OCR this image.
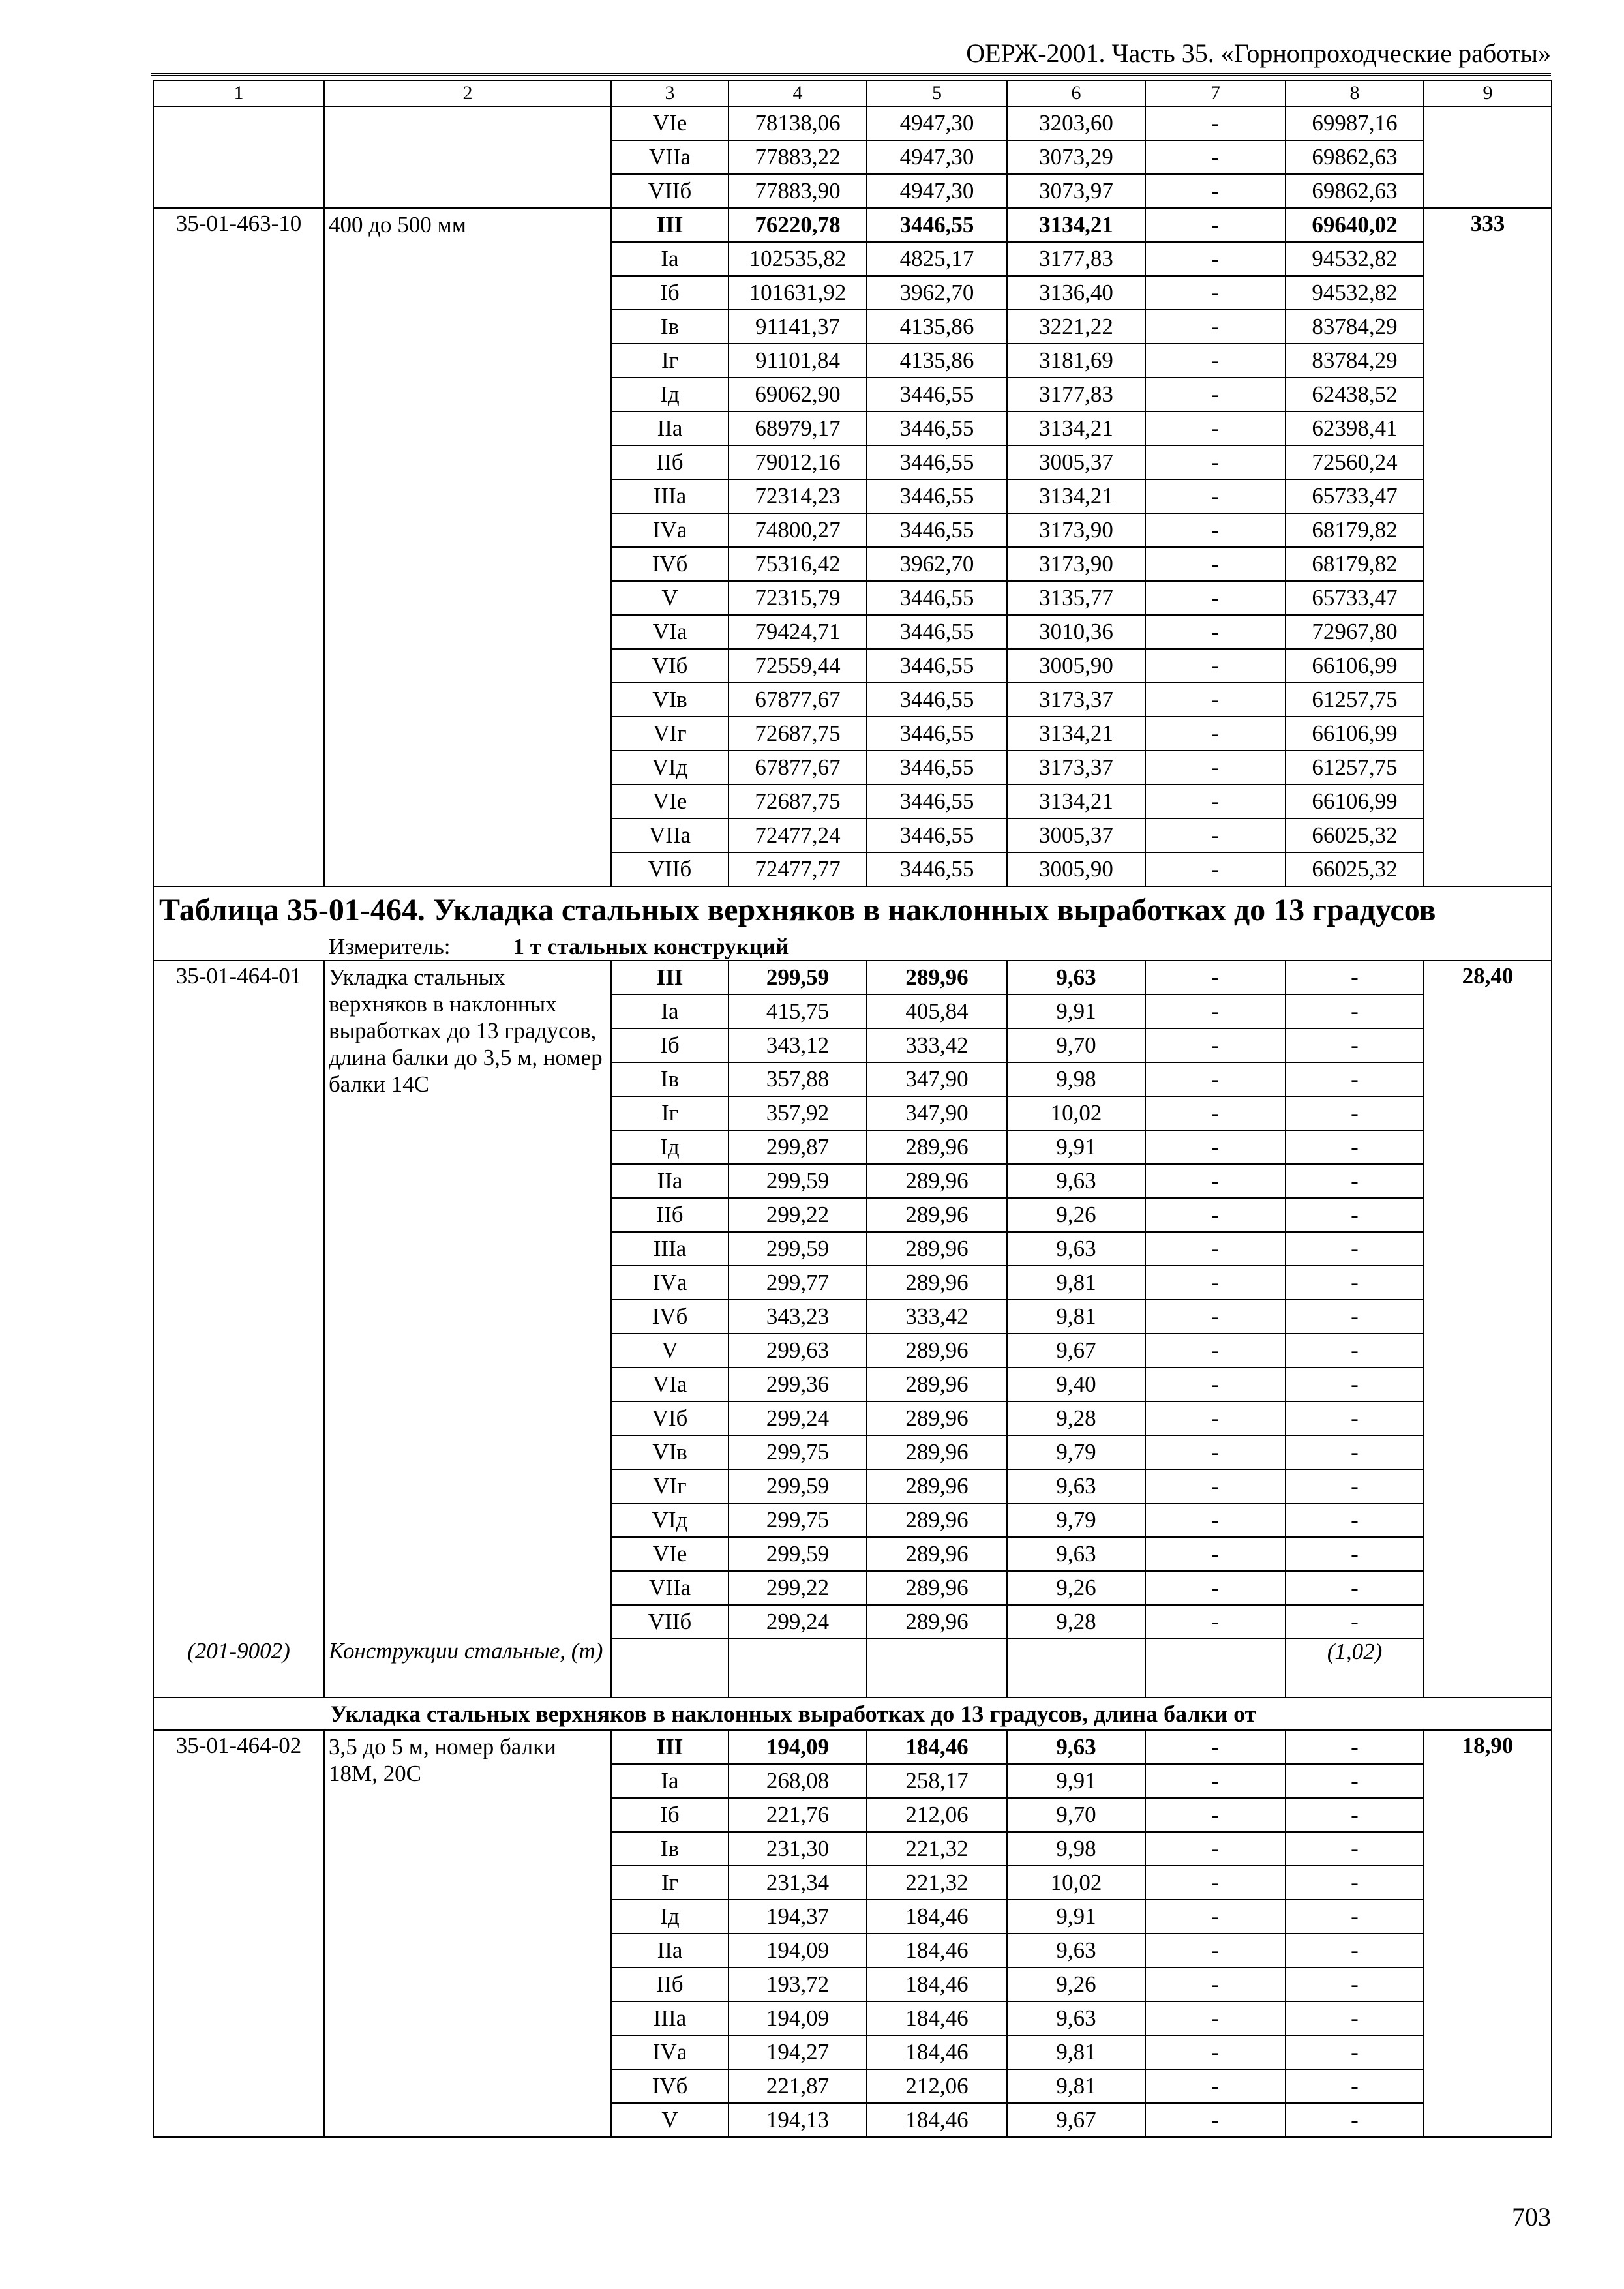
ОЕРЖ-2001. Часть 35. «Горнопроходческие работы»
1	2	3	4	5	6	7	8	9
		VIе	78138,06	4947,30	3203,60	-	69987,16	
		VIIа	77883,22	4947,30	3073,29	-	69862,63	
		VIIб	77883,90	4947,30	3073,97	-	69862,63	
35-01-463-10	400 до 500 мм	III	76220,78	3446,55	3134,21	-	69640,02	333
		Iа	102535,82	4825,17	3177,83	-	94532,82	
		Iб	101631,92	3962,70	3136,40	-	94532,82	
		Iв	91141,37	4135,86	3221,22	-	83784,29	
		Iг	91101,84	4135,86	3181,69	-	83784,29	
		Iд	69062,90	3446,55	3177,83	-	62438,52	
		IIа	68979,17	3446,55	3134,21	-	62398,41	
		IIб	79012,16	3446,55	3005,37	-	72560,24	
		IIIа	72314,23	3446,55	3134,21	-	65733,47	
		IVа	74800,27	3446,55	3173,90	-	68179,82	
		IVб	75316,42	3962,70	3173,90	-	68179,82	
		V	72315,79	3446,55	3135,77	-	65733,47	
		VIа	79424,71	3446,55	3010,36	-	72967,80	
		VIб	72559,44	3446,55	3005,90	-	66106,99	
		VIв	67877,67	3446,55	3173,37	-	61257,75	
		VIг	72687,75	3446,55	3134,21	-	66106,99	
		VIд	67877,67	3446,55	3173,37	-	61257,75	
		VIе	72687,75	3446,55	3134,21	-	66106,99	
		VIIа	72477,24	3446,55	3005,37	-	66025,32	
		VIIб	72477,77	3446,55	3005,90	-	66025,32	
Таблица 35-01-464. Укладка стальных верхняков в наклонных выработках до 13 градусов								
Измеритель: 1 т стальных конструкций								
35-01-464-01	Укладка стальных верхняков в наклонных выработках до 13 градусов, длина балки до 3,5 м, номер балки 14С	III	299,59	289,96	9,63	-	-	28,40
		Iа	415,75	405,84	9,91	-	-	
		Iб	343,12	333,42	9,70	-	-	
		Iв	357,88	347,90	9,98	-	-	
		Iг	357,92	347,90	10,02	-	-	
		Iд	299,87	289,96	9,91	-	-	
		IIа	299,59	289,96	9,63	-	-	
		IIб	299,22	289,96	9,26	-	-	
		IIIа	299,59	289,96	9,63	-	-	
		IVа	299,77	289,96	9,81	-	-	
		IVб	343,23	333,42	9,81	-	-	
		V	299,63	289,96	9,67	-	-	
		VIа	299,36	289,96	9,40	-	-	
		VIб	299,24	289,96	9,28	-	-	
		VIв	299,75	289,96	9,79	-	-	
		VIг	299,59	289,96	9,63	-	-	
		VIд	299,75	289,96	9,79	-	-	
		VIе	299,59	289,96	9,63	-	-	
		VIIа	299,22	289,96	9,26	-	-	
		VIIб	299,24	289,96	9,28	-	-	
(201-9002)	Конструкции стальные, (т)						(1,02)	
Укладка стальных верхняков в наклонных выработках до 13 градусов, длина балки от								
35-01-464-02	3,5 до 5 м, номер балки 18М, 20С	III	194,09	184,46	9,63	-	-	18,90
		Iа	268,08	258,17	9,91	-	-	
		Iб	221,76	212,06	9,70	-	-	
		Iв	231,30	221,32	9,98	-	-	
		Iг	231,34	221,32	10,02	-	-	
		Iд	194,37	184,46	9,91	-	-	
		IIа	194,09	184,46	9,63	-	-	
		IIб	193,72	184,46	9,26	-	-	
		IIIа	194,09	184,46	9,63	-	-	
		IVа	194,27	184,46	9,81	-	-	
		IVб	221,87	212,06	9,81	-	-	
		V	194,13	184,46	9,67	-	-	
703
